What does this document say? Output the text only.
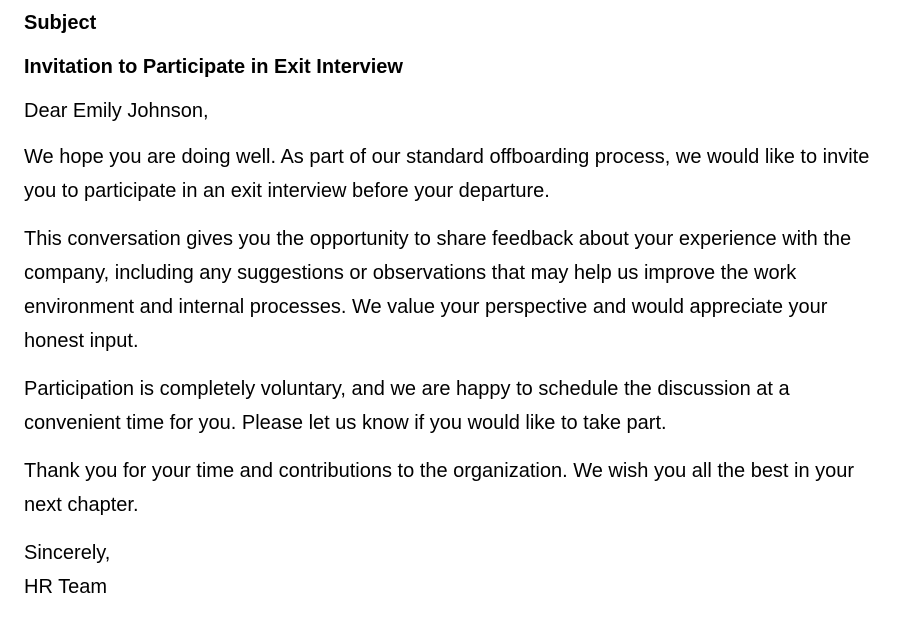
Subject
Invitation to Participate in Exit Interview
Dear Emily Johnson,
We hope you are doing well. As part of our standard offboarding process, we would like to invite you to participate in an exit interview before your departure.
This conversation gives you the opportunity to share feedback about your experience with the company, including any suggestions or observations that may help us improve the work environment and internal processes. We value your perspective and would appreciate your honest input.
Participation is completely voluntary, and we are happy to schedule the discussion at a convenient time for you. Please let us know if you would like to take part.
Thank you for your time and contributions to the organization. We wish you all the best in your next chapter.
Sincerely,
HR Team
